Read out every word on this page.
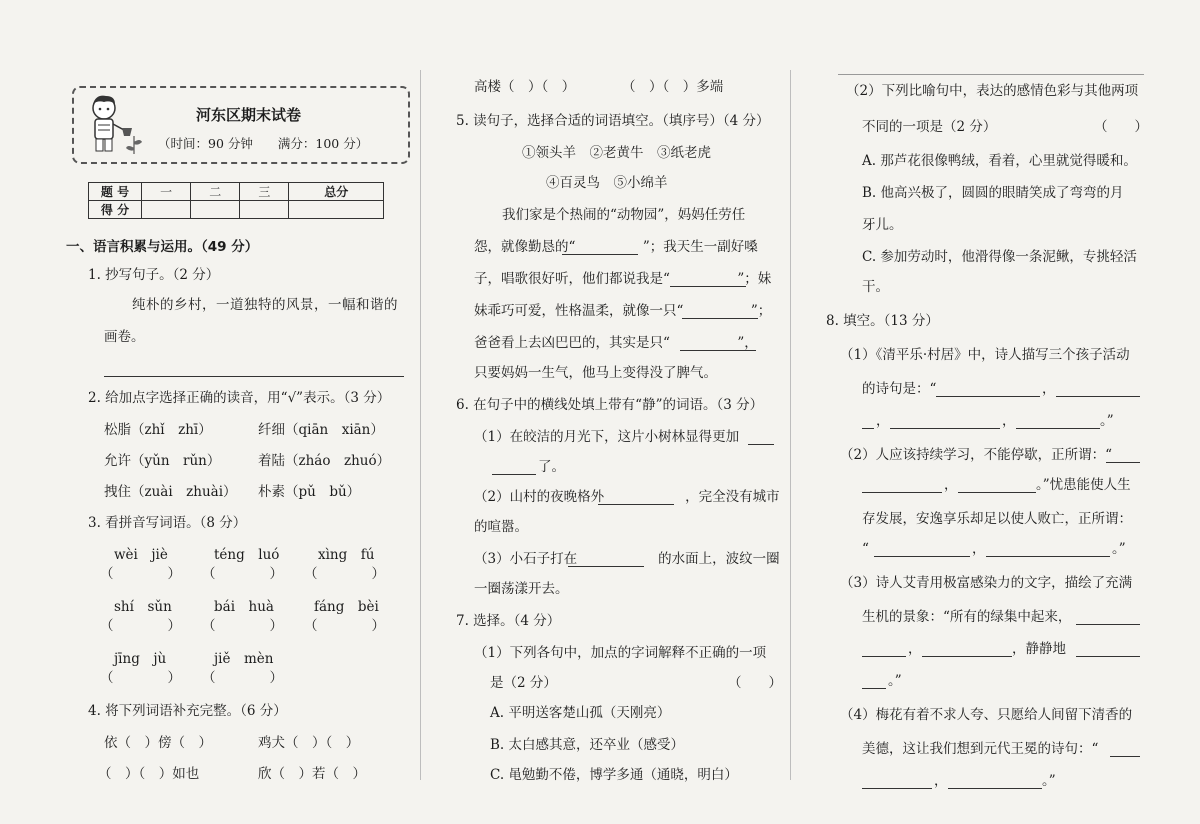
河东区期末试卷
（时间：90 分钟　　满分：100 分）
题 号	一	二	三	总分
得 分				
一、语言积累与运用。（49 分）
1. 抄写句子。（2 分）
纯朴的乡村，一道独特的风景，一幅和谐的
画卷。
2. 给加点字选择正确的读音，用“√”表示。（3 分）
松脂（zhǐ　zhī）	纤细（qiān　xiān）
允许（yǔn　rǔn）	着陆（zháo　zhuó）
拽住（zuài　zhuài） 朴素（pǔ　bǔ）
3. 看拼音写词语。（8 分）
wèi　jiè	téng　luó	xìng　fú
（　　　　） （　　　　） （　　　　）
shí　sǔn	bái　huà	fáng　bèi
（　　　　） （　　　　） （　　　　）
jīng　jù	jiě　mèn
（　　　　） （　　　　）
4. 将下列词语补充完整。（6 分）
依（　）傍（　）	鸡犬（　）（　）
（　）（　）如也	欣（　）若（　）
高楼（　）（　）	（　）（　）多端
5. 读句子，选择合适的词语填空。（填序号）（4 分）
①领头羊　②老黄牛　③纸老虎
④百灵鸟　⑤小绵羊
我们家是个热闹的“动物园”，妈妈任劳任
怨，就像勤恳的“　　　　　”；我天生一副好嗓
子，唱歌很好听，他们都说我是“　　　　　”；妹
妹乖巧可爱，性格温柔，就像一只“　　　　　”；
爸爸看上去凶巴巴的，其实是只“　　　　　”，
只要妈妈一生气，他马上变得没了脾气。
6. 在句子中的横线处填上带有“静”的词语。（3 分）
（1）在皎洁的月光下，这片小树林显得更加
了。
（2）山村的夜晚格外　　　　　　，完全没有城市
的喧嚣。
（3）小石子打在　　　　　　的水面上，波纹一圈
一圈荡漾开去。
7. 选择。（4 分）
（1）下列各句中，加点的字词解释不正确的一项
是（2 分）	（　　）
A. 平明送客楚山孤（天刚亮）
B. 太白感其意，还卒业（感受）
C. 黾勉勤不倦，博学多通（通晓，明白）
（2）下列比喻句中，表达的感情色彩与其他两项
不同的一项是（2 分）	（　　）
A. 那芦花很像鸭绒，看着，心里就觉得暖和。
B. 他高兴极了，圆圆的眼睛笑成了弯弯的月
牙儿。
C. 参加劳动时，他滑得像一条泥鳅，专挑轻活
干。
8. 填空。（13 分）
（1）《清平乐·村居》中，诗人描写三个孩子活动
的诗句是：“	，
，	，	。”
（2）人应该持续学习，不能停歇，正所谓：“
，	。”忧患能使人生
存发展，安逸享乐却足以使人败亡，正所谓：
“	，	。”
（3）诗人艾青用极富感染力的文字，描绘了充满
生机的景象：“所有的绿集中起来，
，	，静静地
。”
（4）梅花有着不求人夸、只愿给人间留下清香的
美德，这让我们想到元代王冕的诗句：“
，	。”
